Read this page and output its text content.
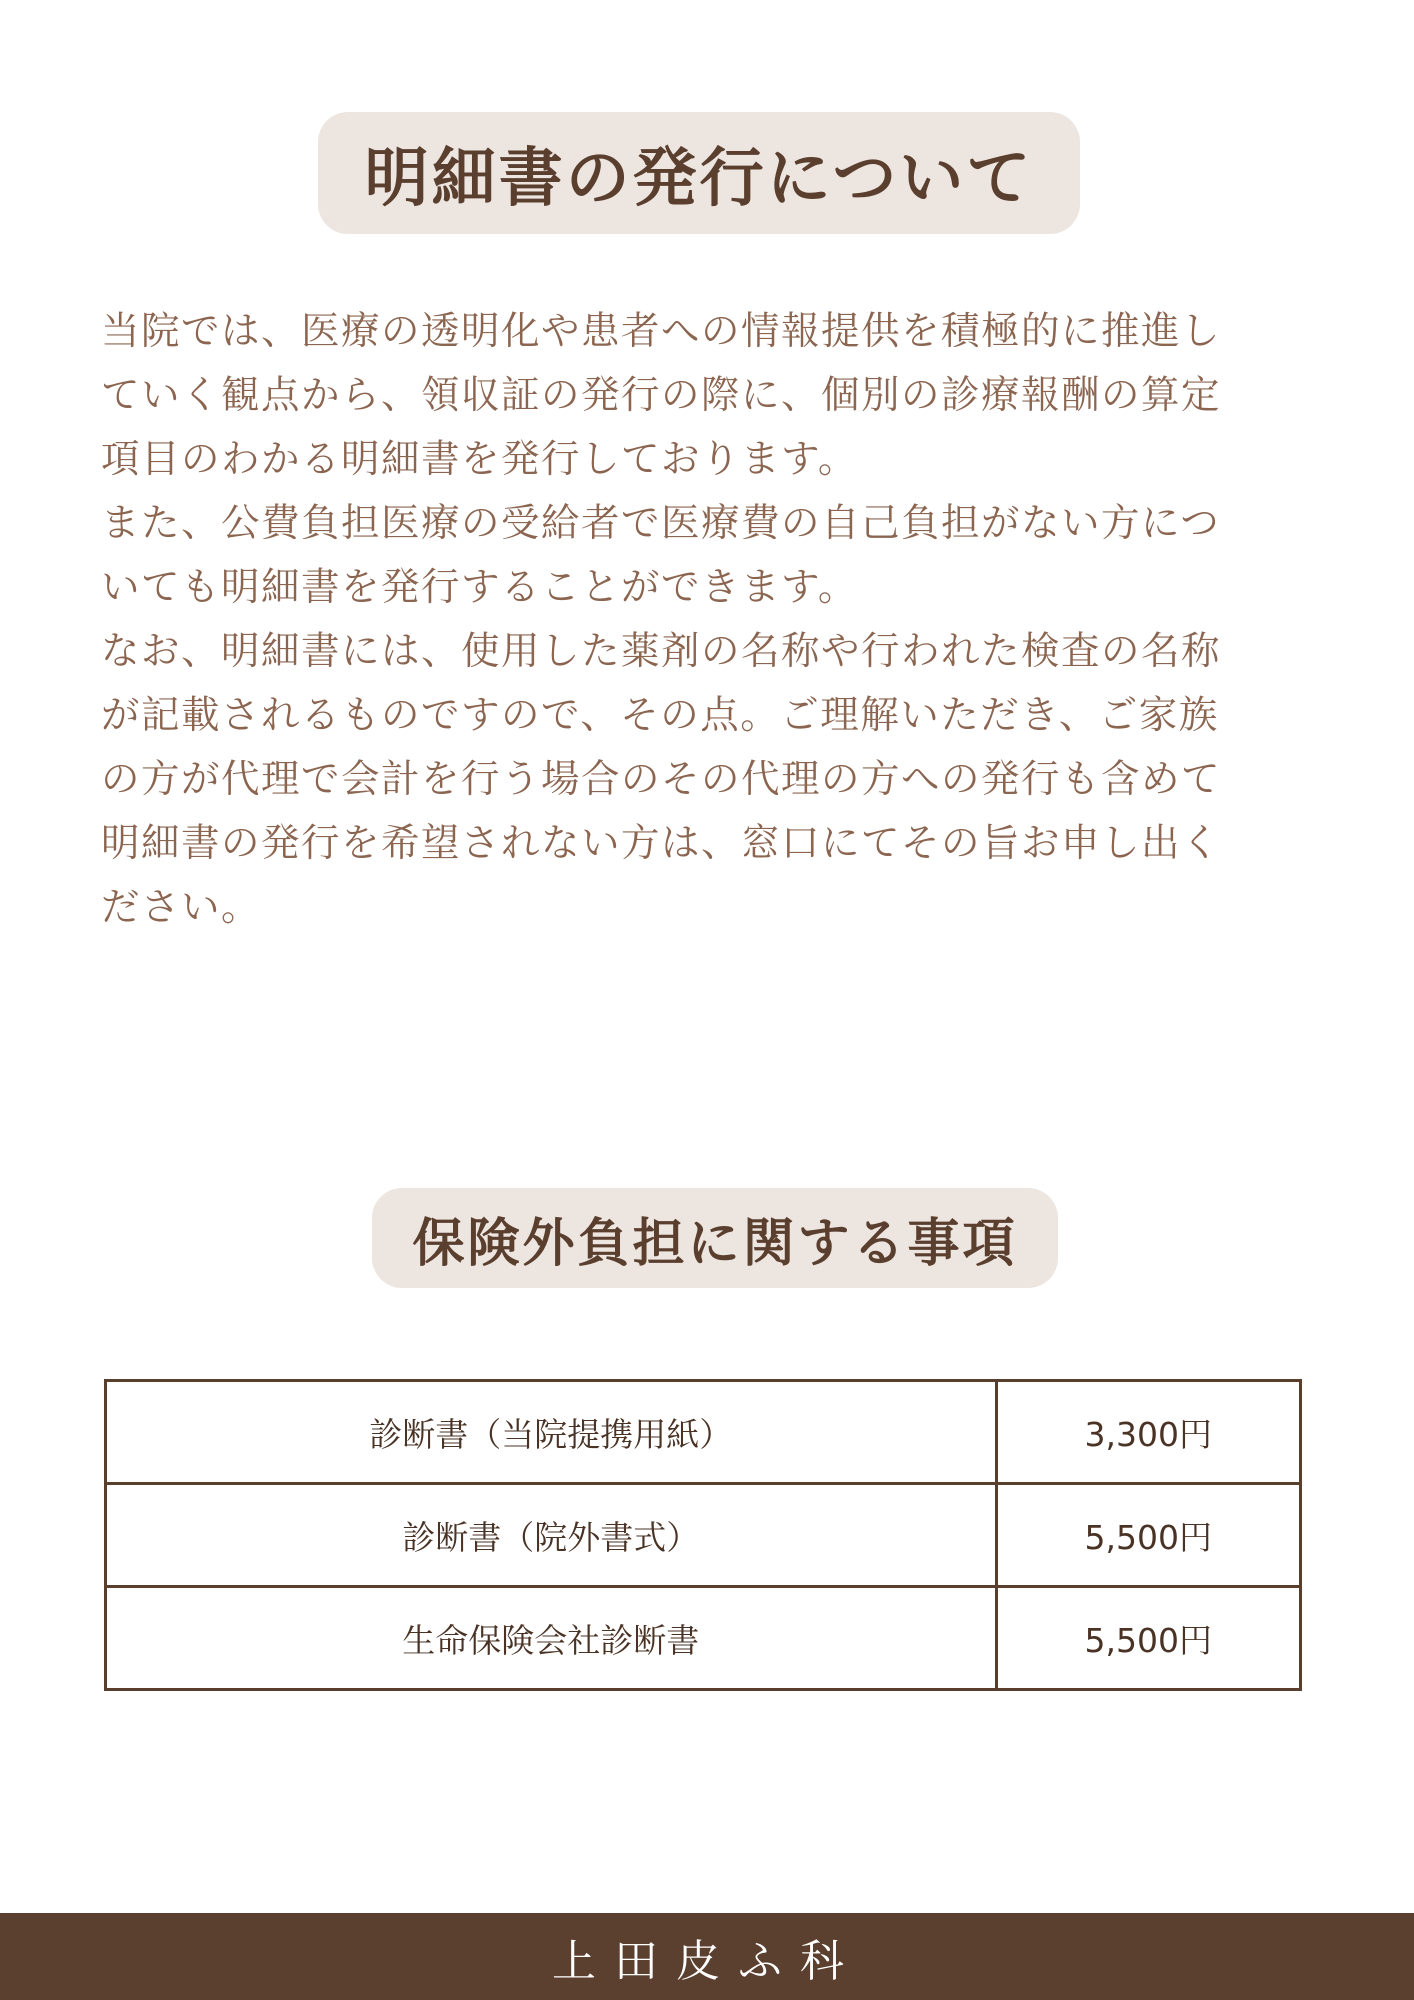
明細書の発行について
当院では、医療の透明化や患者への情報提供を積極的に推進し
ていく観点から、領収証の発行の際に、個別の診療報酬の算定
項目のわかる明細書を発行しております。
また、公費負担医療の受給者で医療費の自己負担がない方につ
いても明細書を発行することができます。
なお、明細書には、使用した薬剤の名称や行われた検査の名称
が記載されるものですので、その点。ご理解いただき、ご家族
の方が代理で会計を行う場合のその代理の方への発行も含めて
明細書の発行を希望されない方は、窓口にてその旨お申し出く
ださい。
保険外負担に関する事項
診断書（当院提携用紙）	3,300円
診断書（院外書式）	5,500円
生命保険会社診断書	5,500円
上田皮ふ科
